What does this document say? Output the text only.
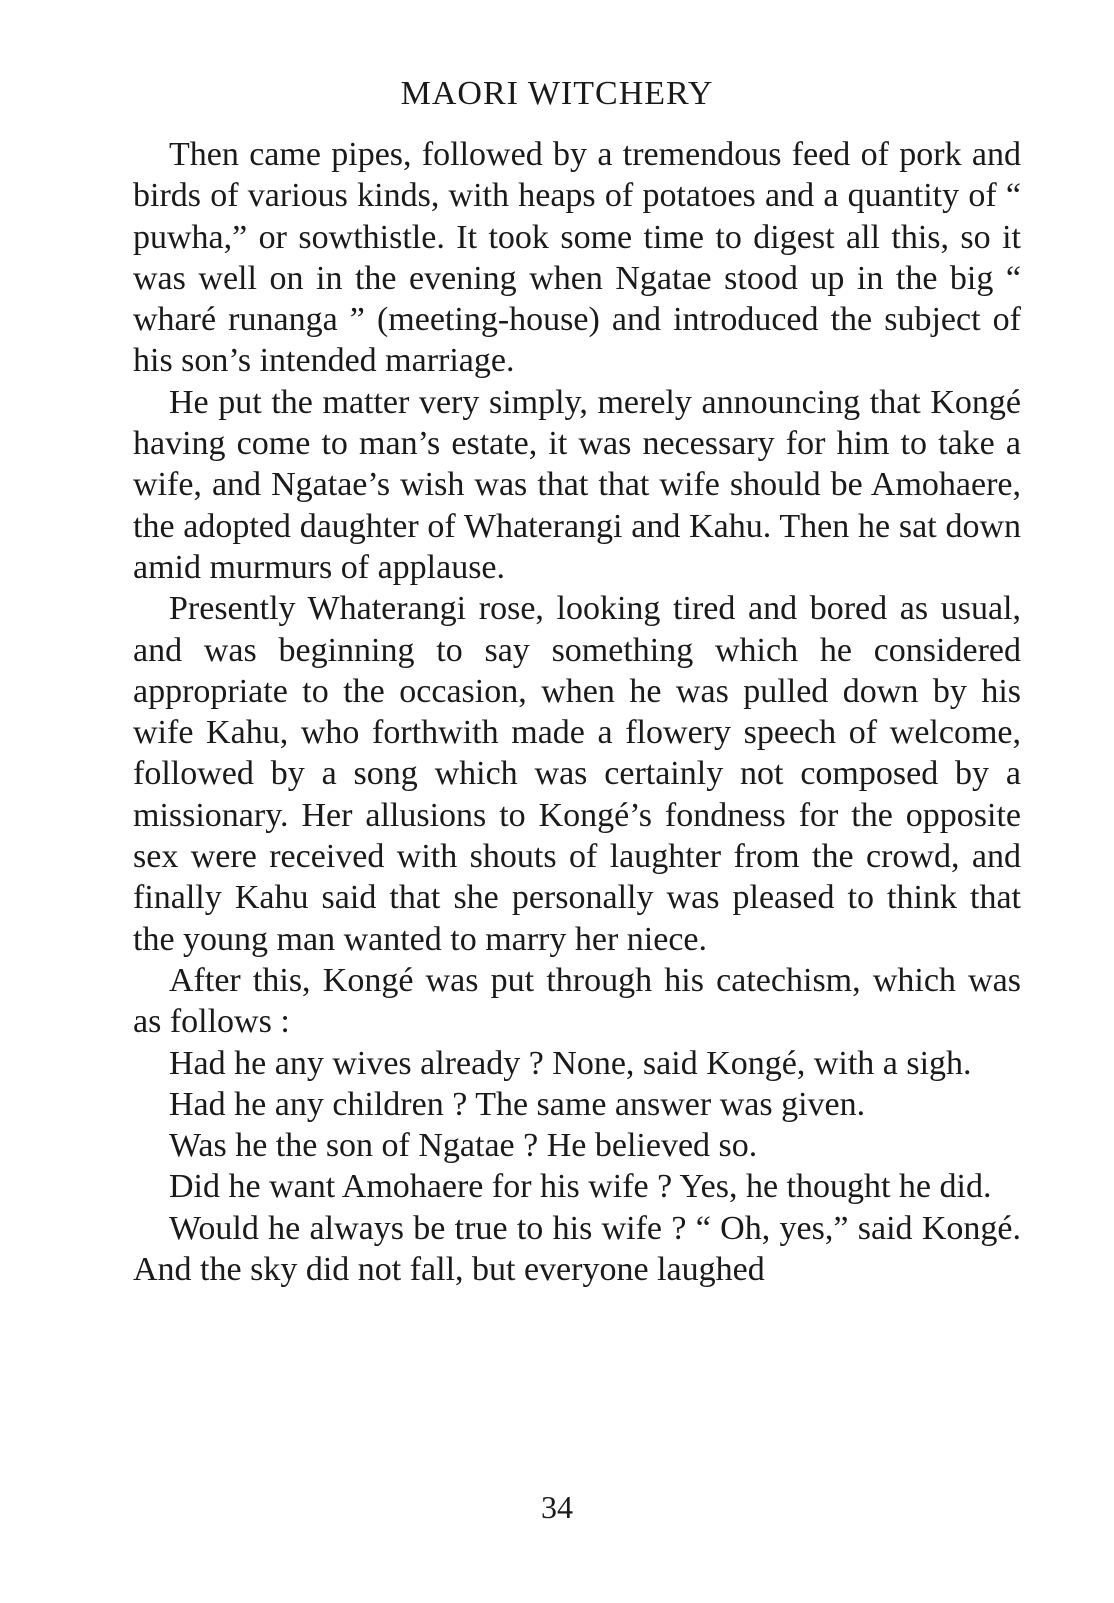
MAORI WITCHERY

Then came pipes, followed by a tremendous feed of pork and birds of various kinds, with heaps of potatoes and a quantity of “ puwha,” or sowthistle. It took some time to digest all this, so it was well on in the evening when Ngatae stood up in the big “ wharé runanga ” (meeting-house) and introduced the subject of his son’s intended marriage.

He put the matter very simply, merely announcing that Kongé having come to man’s estate, it was necessary for him to take a wife, and Ngatae’s wish was that that wife should be Amohaere, the adopted daughter of Whaterangi and Kahu. Then he sat down amid murmurs of applause.

Presently Whaterangi rose, looking tired and bored as usual, and was beginning to say something which he considered appropriate to the occasion, when he was pulled down by his wife Kahu, who forthwith made a flowery speech of welcome, followed by a song which was certainly not composed by a missionary. Her allusions to Kongé’s fondness for the opposite sex were received with shouts of laughter from the crowd, and finally Kahu said that she personally was pleased to think that the young man wanted to marry her niece.

After this, Kongé was put through his catechism, which was as follows :

Had he any wives already ? None, said Kongé, with a sigh.

Had he any children ? The same answer was given.

Was he the son of Ngatae ? He believed so.

Did he want Amohaere for his wife ? Yes, he thought he did.

Would he always be true to his wife ? “ Oh, yes,” said Kongé. And the sky did not fall, but everyone laughed

34
